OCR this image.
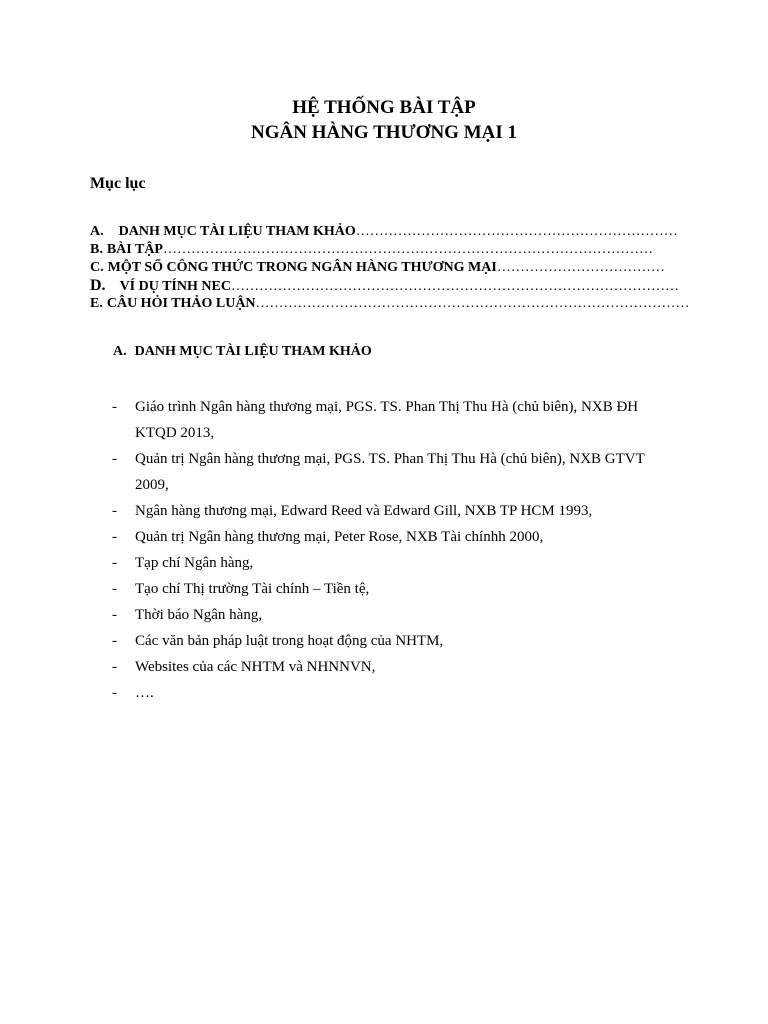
HỆ THỐNG BÀI TẬP
NGÂN HÀNG THƯƠNG MẠI 1
Mục lục
A. DANH MỤC TÀI LIỆU THAM KHẢO ……………………………………………………………
B. BÀI TẬP ……………………………………………………………………………………………
C. MỘT SỐ CÔNG THỨC TRONG NGÂN HÀNG THƯƠNG MẠI ………………………………
D. VÍ DỤ TÍNH NEC ……………………………………………………………………………………
E. CÂU HỎI THẢO LUẬN …………………………………………………………………………………
A. DANH MỤC TÀI LIỆU THAM KHẢO
- Giáo trình Ngân hàng thương mại, PGS. TS. Phan Thị Thu Hà (chủ biên), NXB ĐH KTQD 2013,
- Quản trị Ngân hàng thương mại, PGS. TS. Phan Thị Thu Hà (chủ biên), NXB GTVT 2009,
- Ngân hàng thương mại, Edward Reed và Edward Gill, NXB TP HCM 1993,
- Quản trị Ngân hàng thương mại, Peter Rose, NXB Tài chínhh 2000,
- Tạp chí Ngân hàng,
- Tạo chí Thị trường Tài chính – Tiền tệ,
- Thời báo Ngân hàng,
- Các văn bản pháp luật trong hoạt động của NHTM,
- Websites của các NHTM và NHNNVN,
- ….
